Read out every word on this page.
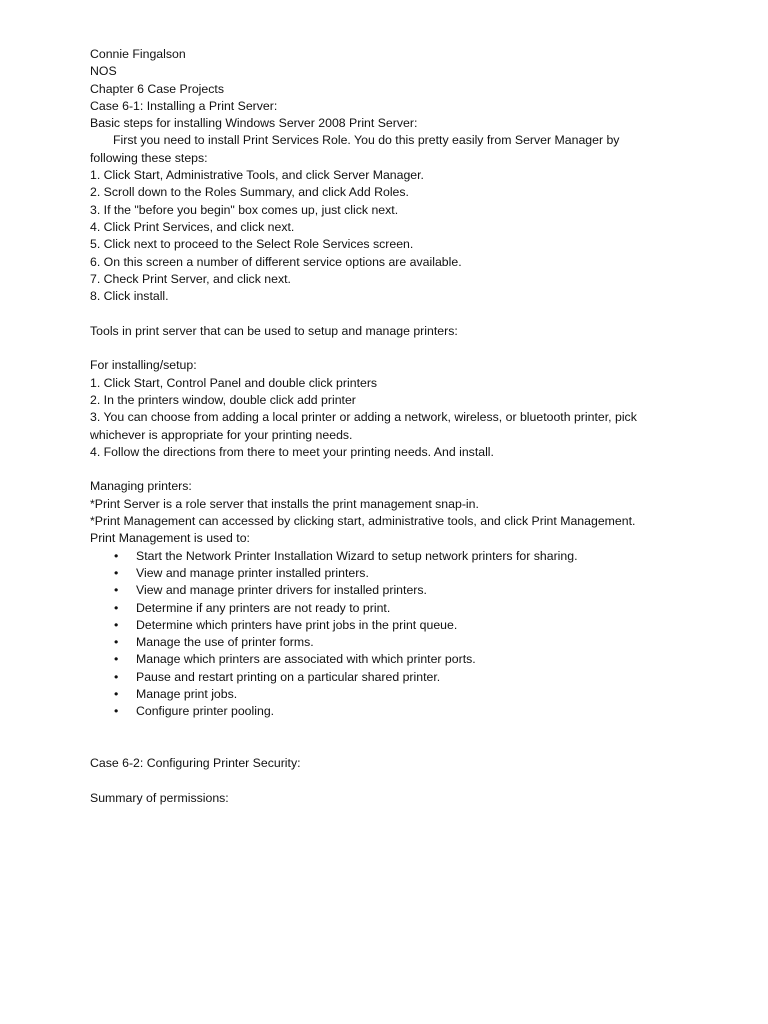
Connie Fingalson
NOS
Chapter 6 Case Projects
Case 6-1: Installing a Print Server:
Basic steps for installing Windows Server 2008 Print Server:
First you need to install Print Services Role. You do this pretty easily from Server Manager by
following these steps:
1. Click Start, Administrative Tools, and click Server Manager.
2. Scroll down to the Roles Summary, and click Add Roles.
3. If the "before you begin" box comes up, just click next.
4. Click Print Services, and click next.
5. Click next to proceed to the Select Role Services screen.
6. On this screen a number of different service options are available.
7. Check Print Server, and click next.
8. Click install.
Tools in print server that can be used to setup and manage printers:
For installing/setup:
1. Click Start, Control Panel and double click printers
2. In the printers window, double click add printer
3. You can choose from adding a local printer or adding a network, wireless, or bluetooth printer, pick
whichever is appropriate for your printing needs.
4. Follow the directions from there to meet your printing needs. And install.
Managing printers:
*Print Server is a role server that installs the print management snap-in.
*Print Management can accessed by clicking start, administrative tools, and click Print Management.
Print Management is used to:
• Start the Network Printer Installation Wizard to setup network printers for sharing.
• View and manage printer installed printers.
• View and manage printer drivers for installed printers.
• Determine if any printers are not ready to print.
• Determine which printers have print jobs in the print queue.
• Manage the use of printer forms.
• Manage which printers are associated with which printer ports.
• Pause and restart printing on a particular shared printer.
• Manage print jobs.
• Configure printer pooling.
Case 6-2: Configuring Printer Security:
Summary of permissions:
